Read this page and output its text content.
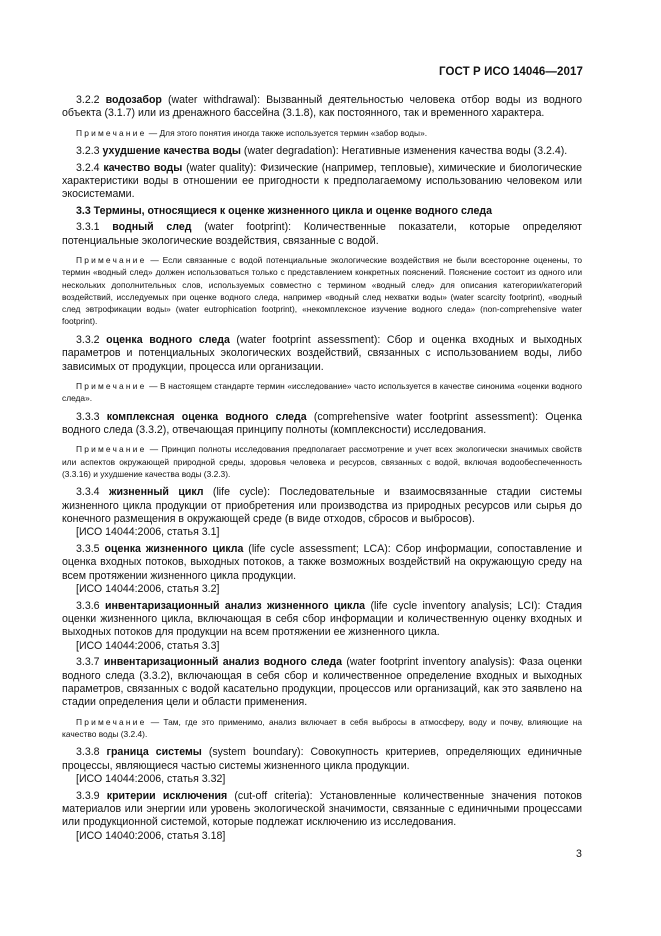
ГОСТ Р ИСО 14046—2017

3.2.2 водозабор (water withdrawal): Вызванный деятельностью человека отбор воды из водного объекта (3.1.7) или из дренажного бассейна (3.1.8), как постоянного, так и временного характера.

Примечание — Для этого понятия иногда также используется термин «забор воды».

3.2.3 ухудшение качества воды (water degradation): Негативные изменения качества воды (3.2.4).

3.2.4 качество воды (water quality): Физические (например, тепловые), химические и биологические характеристики воды в отношении ее пригодности к предполагаемому использованию человеком или экосистемами.

3.3 Термины, относящиеся к оценке жизненного цикла и оценке водного следа

3.3.1 водный след (water footprint): Количественные показатели, которые определяют потенциальные экологические воздействия, связанные с водой.

Примечание — Если связанные с водой потенциальные экологические воздействия не были всесторонне оценены, то термин «водный след» должен использоваться только с представлением конкретных пояснений. Пояснение состоит из одного или нескольких дополнительных слов, используемых совместно с термином «водный след» для описания категории/категорий воздействий, исследуемых при оценке водного следа, например «водный след нехватки воды» (water scarcity footprint), «водный след эвтрофикации воды» (water eutrophication footprint), «некомплексное изучение водного следа» (non-comprehensive water footprint).

3.3.2 оценка водного следа (water footprint assessment): Сбор и оценка входных и выходных параметров и потенциальных экологических воздействий, связанных с использованием воды, либо зависимых от продукции, процесса или организации.

Примечание — В настоящем стандарте термин «исследование» часто используется в качестве синонима «оценки водного следа».

3.3.3 комплексная оценка водного следа (comprehensive water footprint assessment): Оценка водного следа (3.3.2), отвечающая принципу полноты (комплексности) исследования.

Примечание — Принцип полноты исследования предполагает рассмотрение и учет всех экологически значимых свойств или аспектов окружающей природной среды, здоровья человека и ресурсов, связанных с водой, включая водообеспеченность (3.3.16) и ухудшение качества воды (3.2.3).

3.3.4 жизненный цикл (life cycle): Последовательные и взаимосвязанные стадии системы жизненного цикла продукции от приобретения или производства из природных ресурсов или сырья до конечного размещения в окружающей среде (в виде отходов, сбросов и выбросов).

[ИСО 14044:2006, статья 3.1]

3.3.5 оценка жизненного цикла (life cycle assessment; LCA): Сбор информации, сопоставление и оценка входных потоков, выходных потоков, а также возможных воздействий на окружающую среду на всем протяжении жизненного цикла продукции.

[ИСО 14044:2006, статья 3.2]

3.3.6 инвентаризационный анализ жизненного цикла (life cycle inventory analysis; LCI): Стадия оценки жизненного цикла, включающая в себя сбор информации и количественную оценку входных и выходных потоков для продукции на всем протяжении ее жизненного цикла.

[ИСО 14044:2006, статья 3.3]

3.3.7 инвентаризационный анализ водного следа (water footprint inventory analysis): Фаза оценки водного следа (3.3.2), включающая в себя сбор и количественное определение входных и выходных параметров, связанных с водой касательно продукции, процессов или организаций, как это заявлено на стадии определения цели и области применения.

Примечание — Там, где это применимо, анализ включает в себя выбросы в атмосферу, воду и почву, влияющие на качество воды (3.2.4).

3.3.8 граница системы (system boundary): Совокупность критериев, определяющих единичные процессы, являющиеся частью системы жизненного цикла продукции.

[ИСО 14044:2006, статья 3.32]

3.3.9 критерии исключения (cut-off criteria): Установленные количественные значения потоков материалов или энергии или уровень экологической значимости, связанные с единичными процессами или продукционной системой, которые подлежат исключению из исследования.

[ИСО 14040:2006, статья 3.18]

3
